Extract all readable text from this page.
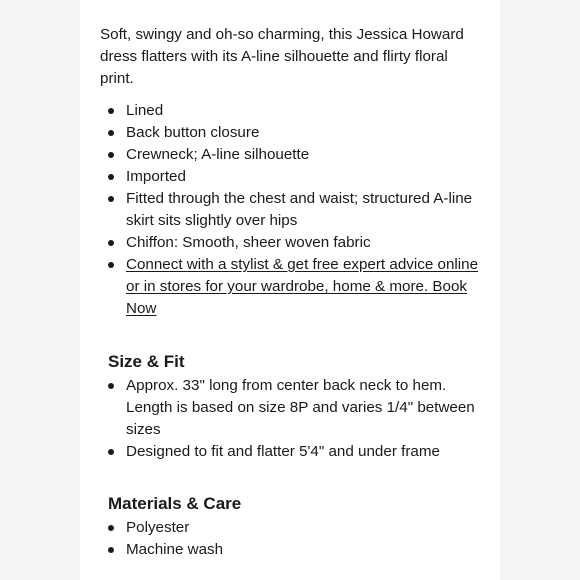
Soft, swingy and oh-so charming, this Jessica Howard dress flatters with its A-line silhouette and flirty floral print.

Lined
Back button closure
Crewneck; A-line silhouette
Imported
Fitted through the chest and waist; structured A-line skirt sits slightly over hips
Chiffon: Smooth, sheer woven fabric
Connect with a stylist & get free expert advice online or in stores for your wardrobe, home & more. Book Now
Size & Fit
Approx. 33" long from center back neck to hem. Length is based on size 8P and varies 1/4" between sizes
Designed to fit and flatter 5'4" and under frame
Materials & Care
Polyester
Machine wash
